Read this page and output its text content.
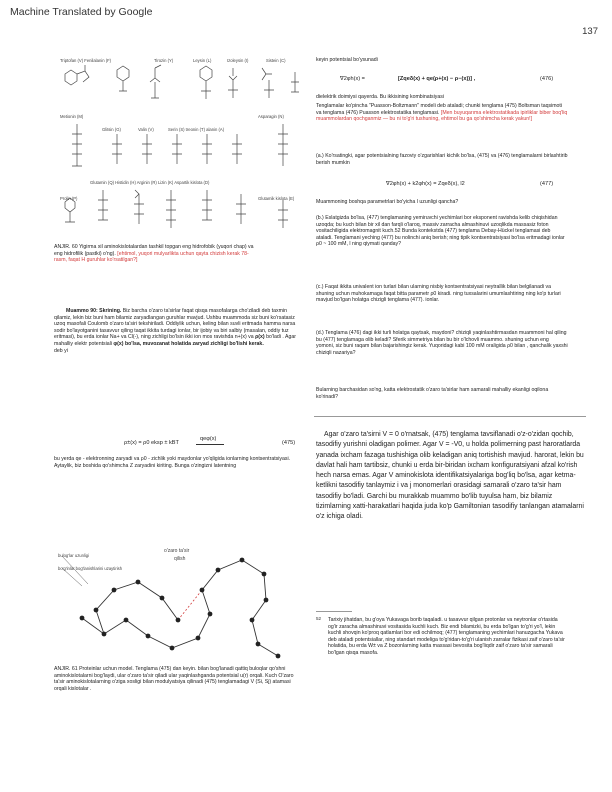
Machine Translated by Google
137
Triptofan (V) Fenilalanin (F)	Tirozin (Y)	Leysin (L)	Izoleysin (I)	Sistein (C)
Metionin (M)
Glitsin (G)	Valin (V)	Serin (S) treonin (T) alanin (A)
Asparagin (N)
Glutamin (Q) Histidin (H) Arginin (R) Lizin (K) Aspartik kislota (D)
Prolin (P)	Glutamik kislota (E)
ANJIR. 60 Yigirma xil aminokislotalardan tashkil topgan eng hidrofobik (yuqori chap) va eng hidrofilik (pastki) o'ng). [ehtimol, yuqori mulyarlikta uchun qayta chizish kerak 78-rasm, faqat H guruhlar ko'rsatilgan?]

Muammo 90: Skrining. Biz barcha o'zaro ta'sirlar faqat qisqa masofalarga cho'ziladi deb taxmin qilamiz, lekin biz buni ham bilamiz zaryadlangan guruhlar mavjud. Ushbu muammoda siz buni ko'rsatasiz uzoq masofali Coulomb o'zaro ta'siri tekshiriladi. Oddiylik uchun, keling bilan suvli eritmada hamma narsa sodir bo'layotganini tasavvur qiling taqat ikkita turdagi ionlar, bir ijobiy va biri salbiy (masalan, oddiy tuz eritmasi), bu erda ionlar Na+ va Cl(-), ning zichligi bo'lsin ikki ion mos ravishda n+(x) va ρ(x) bo'ladi . Agar mahalliy elektr potentsiali φ(x) bo'lsa, muvozanat holatida zaryad zichligi bo'lishi kerak.

deb yi

qeφ(x)
ρ±(x) = ρ0 eksp ± kBT	(475)
bu yerda qe - elektronning zaryadi va ρ0 - zichlik yoki maydonlar yo'qligida ionlarning kontsentratsiyasi. Aytaylik, biz boshida qo'shimcha Z zaryadini kiriting. Bunga o'zingizni latentning
bulog'lar uzunligi
bo'g'inlar bog'lanishlarini uzaytirish
o'zaro ta'sir
qilish
ANJIR. 61 Proteinlar uchun model. Tenglama (475) dan keyin. bilan bog'lanadi qattiq buloqlar qo'shni aminokislotalarni bog'laydi, ular o'zaro ta'sir qiladi ular yaqinlashganda potentsial u(r) orqali. Kuch O'zaro ta'sir aminokislotalarning o'ziga xosligi bilan modulyatsiya qilinadi (475) tenglamadagi V (Si, Sj) atamasi orqali kislotalar .
keyin potentsial bo'ysunadi
∇2φh(x) =	[Zqeδ(x) + qe(ρ+(x) − ρ−(x))] ,	(476)
dielektrik doimiysi qayerda. Bu ikkisining kombinatsiyasi
Tenglamalar ko'pincha "Puasson-Boltzmann" modeli deb ataladi; chunki tenglama (475) Boltsman taqsimoti va tenglama (476) Puasson elektrostatika tenglamasi. [Men buyuqarıma elektrostatikada ipirliklar biber boq'liq muammolardan qochganmiz — bu ni to'g'ri tushuning, ehtimol bu ga qo'shimcha kerak yakun!]
(a.) Ko'rsatingki, agar potentsialning fazoviy o'zgarishlari kichik bo'lsa, (475) va (476) tenglamalarni birlashtirib berish mumkin
∇2φh(x) + k2φh(x) = Zqeδ(x), l2	(477)
Muammoning boshqa parametrlari bo'yicha l uzunligi qancha?
(b.) Eslatgizda bo'lsa, (477) tenglamaning yemiruvchi yechimlari bor eksponent ravishda kelib chiqishidan uzoqda; bu kuch bilan bir xil dan farqli o'laroq, massiv zarracha almashinuvi uzoqlikda massasiz foton vositachiligida elektromagnit kuch.52 Bunda kontekstda (477) tenglama Debay-Hückel tenglamasi deb ataladi. Tenglamani yeching (477) bu nolinchi aniq berish; ning tipik kontsentratsiyasi bo'lsa eritmadagi ionlar ρ0 ~ 100 mM, l ning qiymati qanday?
(c.) Faqat ikkita univalent ion turlari bilan ularning nisbiy kontsentratsiyasi neytrallik bilan belgilanadi va shuning uchun muhokamaga faqat bitta parametr ρ0 kiradi. ning tuxsalarini umumlashtiring ning ko'p turlari mavjud bo'lgan holatga chizigli tenglama (477). ionlar.
(d.) Tenglama (476) dagi ikki turli holatga qaytsak, maydoni? chiziqli yaqinlashtirmasdan muammoni hal qiling bu (477) tenglamaga olib keladi? Sferik simmetriya bilan bu bir o'lchovli muammo. shuning uchun eng yomoni, siz buni raqam bilan bajarishingiz kerak. Yuqoridagi kabi 100 mM oraligida ρ0 bilan , qanchalik yaxshi chiziqli nazariya?
Bularning barchasidan so'ng, katta elektrostatik o'zaro ta'sirlar ham samarali mahalliy ekanligi oqilona ko'rinadi?
Agar o'zaro ta'sirni V = 0 o'rnatsak, (475) tenglama tavsiflanadi o'z-o'zidan qochib, tasodifiy yurishni oladigan polimer. Agar V = -V0, u holda polimerning past haroratlarda yanada ixcham fazaga tushishiga olib keladigan aniq tortishish mavjud. harorat, lekin bu davlat hali ham tartibsiz, chunki u erda bir-biridan ixcham konfiguratsiyani afzal ko'rish hech narsa emas. Agar V aminokislota identifikatsiyalariga bog'liq bo'lsa, agar ketma-ketlikni tasodifiy tanlaymiz i va j monomerlari orasidagi samarali o'zaro ta'sir ham tasodifiy bo'ladi. Garchi bu murakkab muammo bo'lib tuyulsa ham, biz bilamiz tizimlarning xatti-harakatlari haqida juda ko'p Gamiltonian tasodifiy tanlangan atamalarni o'z ichiga oladi.
52 Tarixiy jihatdan, bu g'oya Yukavaga borib taqaladi. u tasavvur qilgan protonlar va neytronlar o'rtasida og'ir zaracha almashinuvi vositasida kuchli kuch. Biz endi bilamizki, bu erda bo'lgan to'g'ri yo'l, lekin kuchli shovqin ko'proq qatlamlari bor edi ochilmoq; (477) tenglamaning yechimlari hanuzgacha Yukava deb ataladi potentsiallar, ning standart modeliga to'g'ridan-to'g'ri ulanish zarralar fizikasi zaif o'zaro ta'sir holatida, bu erda W± va Z bozonlarning katta massasi bevosita bog'liqdir zaif o'zaro ta'sir samarali bo'lgan qisqa masofa.
